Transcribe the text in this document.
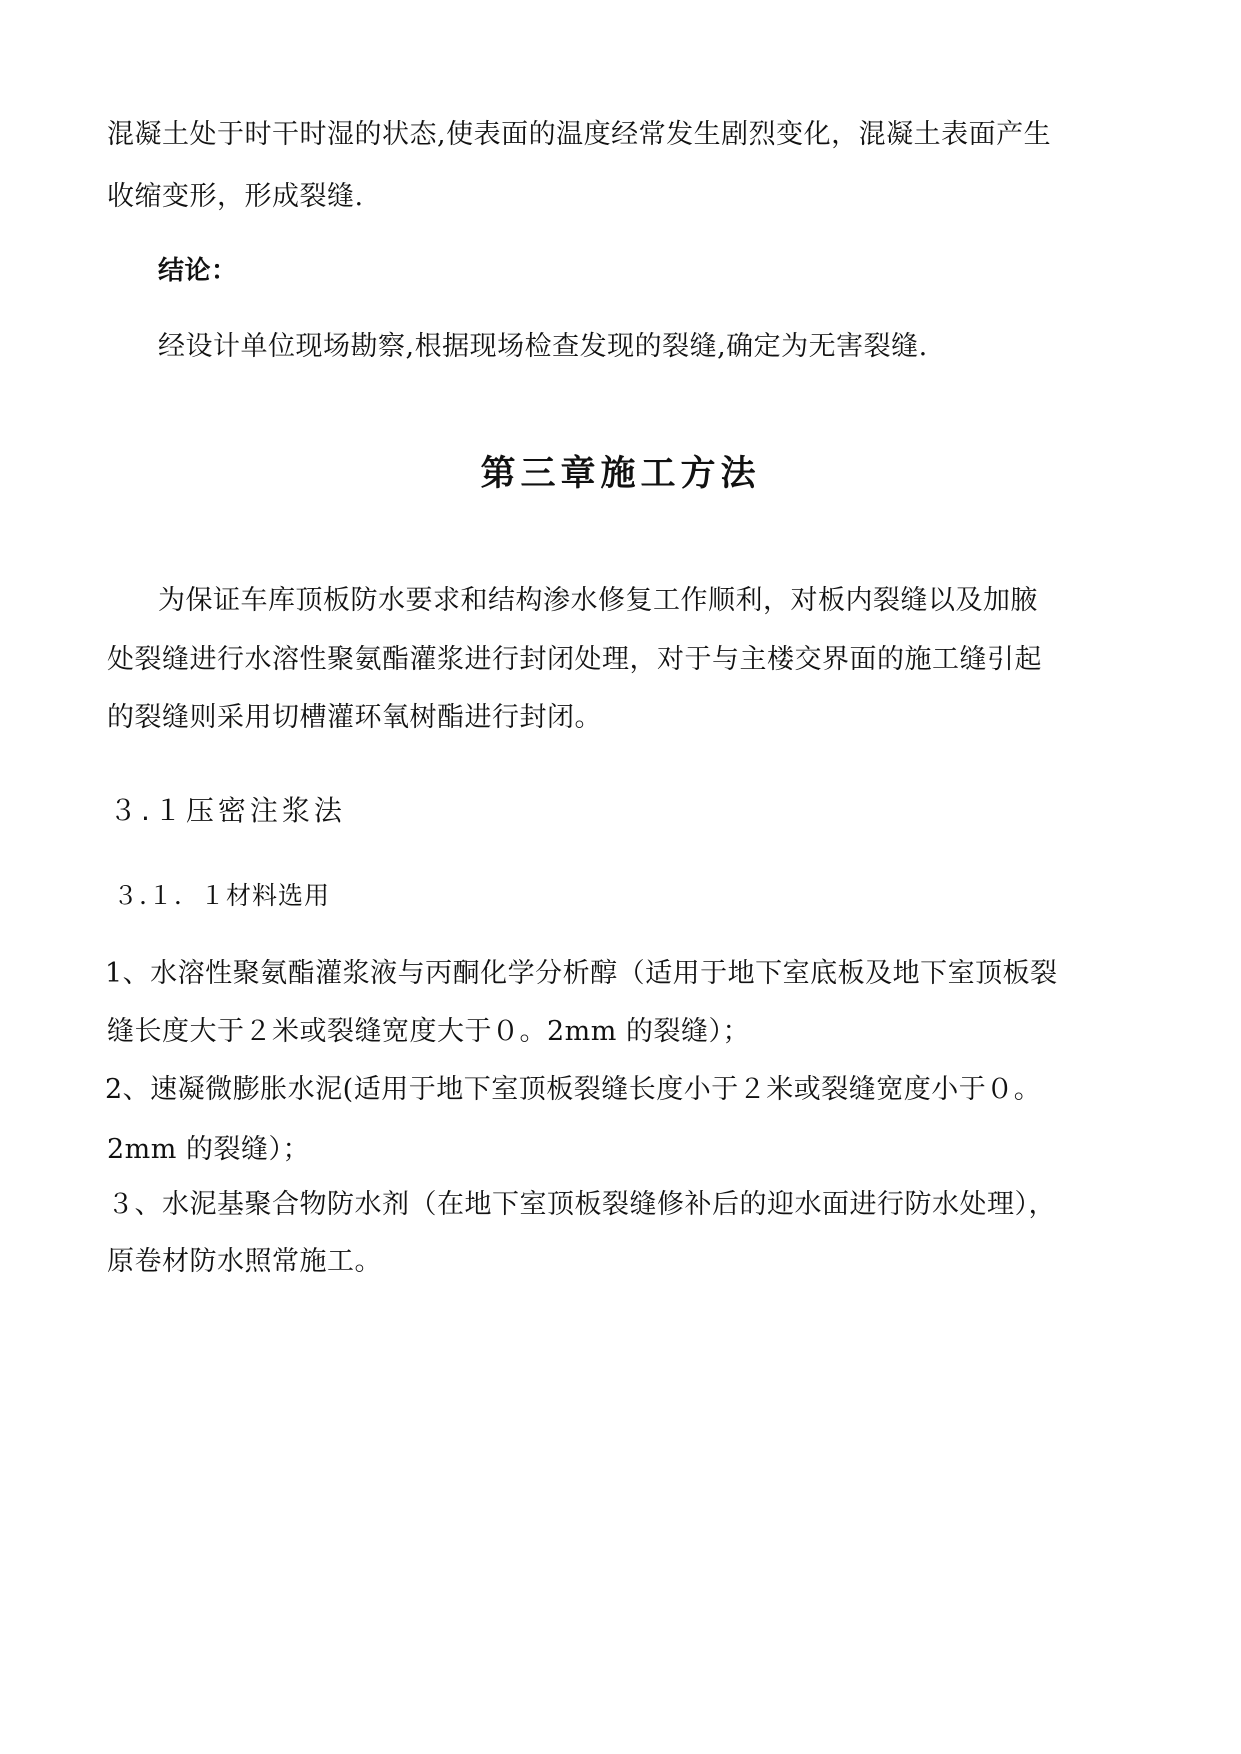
混凝土处于时干时湿的状态,使表面的温度经常发生剧烈变化，混凝土表面产生
收缩变形，形成裂缝.
结论：
经设计单位现场勘察,根据现场检查发现的裂缝,确定为无害裂缝.
第三章施工方法
为保证车库顶板防水要求和结构渗水修复工作顺利，对板内裂缝以及加腋
处裂缝进行水溶性聚氨酯灌浆进行封闭处理，对于与主楼交界面的施工缝引起
的裂缝则采用切槽灌环氧树酯进行封闭。
３.１压密注浆法
３.１．１材料选用
1、水溶性聚氨酯灌浆液与丙酮化学分析醇（适用于地下室底板及地下室顶板裂
缝长度大于２米或裂缝宽度大于０。2mm 的裂缝）；
2、速凝微膨胀水泥(适用于地下室顶板裂缝长度小于２米或裂缝宽度小于０。
2mm 的裂缝）；
３、水泥基聚合物防水剂（在地下室顶板裂缝修补后的迎水面进行防水处理），
原卷材防水照常施工。
